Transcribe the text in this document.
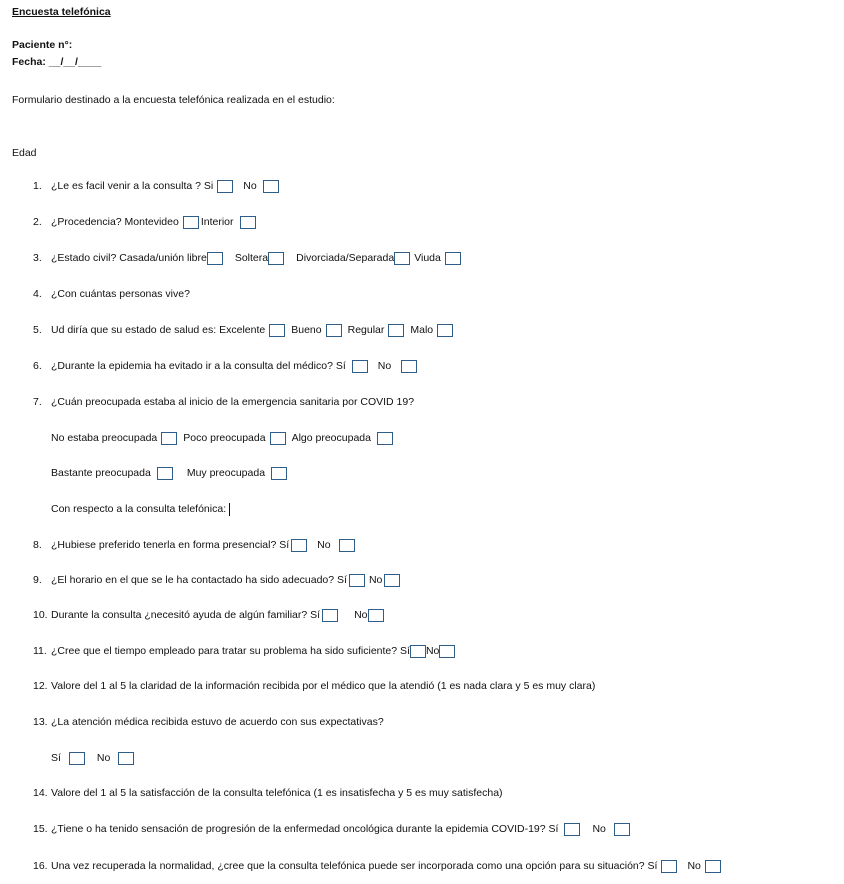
Encuesta telefónica
Paciente n°:
Fecha: __/__/____
Formulario destinado a la encuesta telefónica realizada en el estudio:
Edad
1. ¿Le es facil venir a la consulta ? Si	No
2. ¿Procedencia? Montevideo Interior
3. ¿Estado civil? Casada/unión libre	Soltera	Divorciada/Separada Viuda
4. ¿Con cuántas personas vive?
5. Ud diría que su estado de salud es: Excelente Bueno Regular Malo
6. ¿Durante la epidemia ha evitado ir a la consulta del médico? Sí	No
7. ¿Cuán preocupada estaba al inicio de la emergencia sanitaria por COVID 19?
No estaba preocupada Poco preocupada Algo preocupada
Bastante preocupada	Muy preocupada
Con respecto a la consulta telefónica:
8. ¿Hubiese preferido tenerla en forma presencial? Sí	No
9. ¿El horario en el que se le ha contactado ha sido adecuado? Sí No
10. Durante la consulta ¿necesitó ayuda de algún familiar? Sí	No
11. ¿Cree que el tiempo empleado para tratar su problema ha sido suficiente? Sí No
12. Valore del 1 al 5 la claridad de la información recibida por el médico que la atendió (1 es nada clara y 5 es muy clara)
13. ¿La atención médica recibida estuvo de acuerdo con sus expectativas?
Sí	No
14. Valore del 1 al 5 la satisfacción de la consulta telefónica (1 es insatisfecha y 5 es muy satisfecha)
15. ¿Tiene o ha tenido sensación de progresión de la enfermedad oncológica durante la epidemia COVID-19? Sí	No
16. Una vez recuperada la normalidad, ¿cree que la consulta telefónica puede ser incorporada como una opción para su situación? Sí	No
